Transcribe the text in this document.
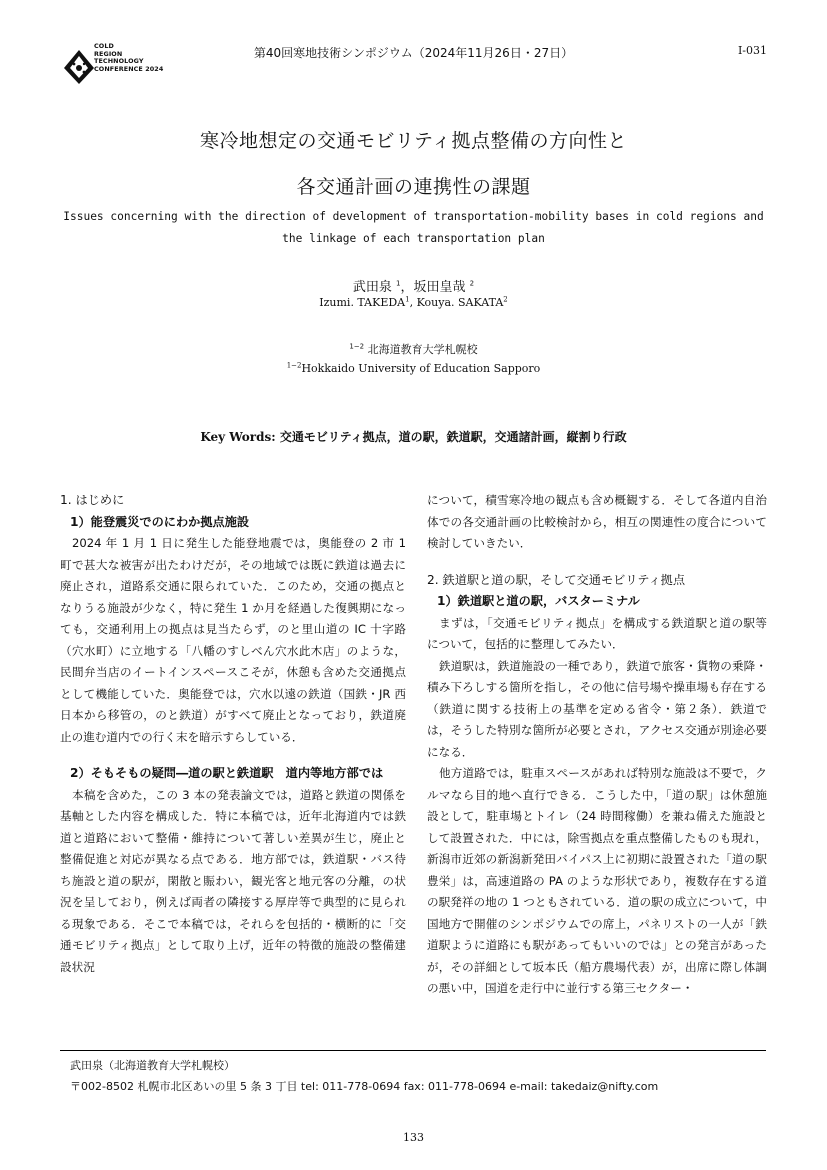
COLD
REGION
TECHNOLOGY
CONFERENCE 2024
第40回寒地技術シンポジウム（2024年11月26日・27日）	I-031
寒冷地想定の交通モビリティ拠点整備の方向性と
各交通計画の連携性の課題
Issues concerning with the direction of development of transportation-mobility bases in cold regions and the linkage of each transportation plan
武田泉 $^1$，坂田皇哉 $^2$
Izumi. TAKEDA$^1$, Kouya. SAKATA$^2$
$^{1-2}$ 北海道教育大学札幌校
$^{1-2}$Hokkaido University of Education Sapporo
Key Words: 交通モビリティ拠点，道の駅，鉄道駅，交通諸計画，縦割り行政

1. はじめに

1）能登震災でのにわか拠点施設

2024 年 1 月 1 日に発生した能登地震では，奥能登の 2 市 1 町で甚大な被害が出たわけだが，その地域では既に鉄道は過去に廃止され，道路系交通に限られていた．このため，交通の拠点となりうる施設が少なく，特に発生 1 か月を経過した復興期になっても，交通利用上の拠点は見当たらず，のと里山道の IC 十字路（穴水町）に立地する「八幡のすしべん穴水此木店」のような，民間弁当店のイートインスペースこそが，休憩も含めた交通拠点として機能していた．奥能登では，穴水以遠の鉄道（国鉄・JR 西日本から移管の，のと鉄道）がすべて廃止となっており，鉄道廃止の進む道内での行く末を暗示すらしている．

2）そもそもの疑問―道の駅と鉄道駅　道内等地方部では

本稿を含めた，この 3 本の発表論文では，道路と鉄道の関係を基軸とした内容を構成した．特に本稿では，近年北海道内では鉄道と道路において整備・維持について著しい差異が生じ，廃止と整備促進と対応が異なる点である．地方部では，鉄道駅・バス待ち施設と道の駅が，閑散と賑わい，観光客と地元客の分離，の状況を呈しており，例えば両者の隣接する厚岸等で典型的に見られる現象である．そこで本稿では，それらを包括的・横断的に「交通モビリティ拠点」として取り上げ，近年の特徴的施設の整備建設状況

について，積雪寒冷地の観点も含め概観する．そして各道内自治体での各交通計画の比較検討から，相互の関連性の度合について検討していきたい．

2. 鉄道駅と道の駅，そして交通モビリティ拠点

1）鉄道駅と道の駅，バスターミナル

まずは，「交通モビリティ拠点」を構成する鉄道駅と道の駅等について，包括的に整理してみたい．

鉄道駅は，鉄道施設の一種であり，鉄道で旅客・貨物の乗降・積み下ろしする箇所を指し，その他に信号場や操車場も存在する（鉄道に関する技術上の基準を定める省令・第２条）．鉄道では，そうした特別な箇所が必要とされ，アクセス交通が別途必要になる．

他方道路では，駐車スペースがあれば特別な施設は不要で，クルマなら目的地へ直行できる．こうした中，「道の駅」は休憩施設として，駐車場とトイレ（24 時間稼働）を兼ね備えた施設として設置された．中には，除雪拠点を重点整備したものも現れ，新潟市近郊の新潟新発田バイパス上に初期に設置された「道の駅豊栄」は，高速道路の PA のような形状であり，複数存在する道の駅発祥の地の 1 つともされている．道の駅の成立について，中国地方で開催のシンポジウムでの席上，パネリストの一人が「鉄道駅ように道路にも駅があってもいいのでは」との発言があったが，その詳細として坂本氏（船方農場代表）が，出席に際し体調の悪い中，国道を走行中に並行する第三セクター・

武田泉（北海道教育大学札幌校）
〒002-8502 札幌市北区あいの里 5 条 3 丁目 tel: 011-778-0694 fax: 011-778-0694 e-mail: takedaiz@nifty.com
133
